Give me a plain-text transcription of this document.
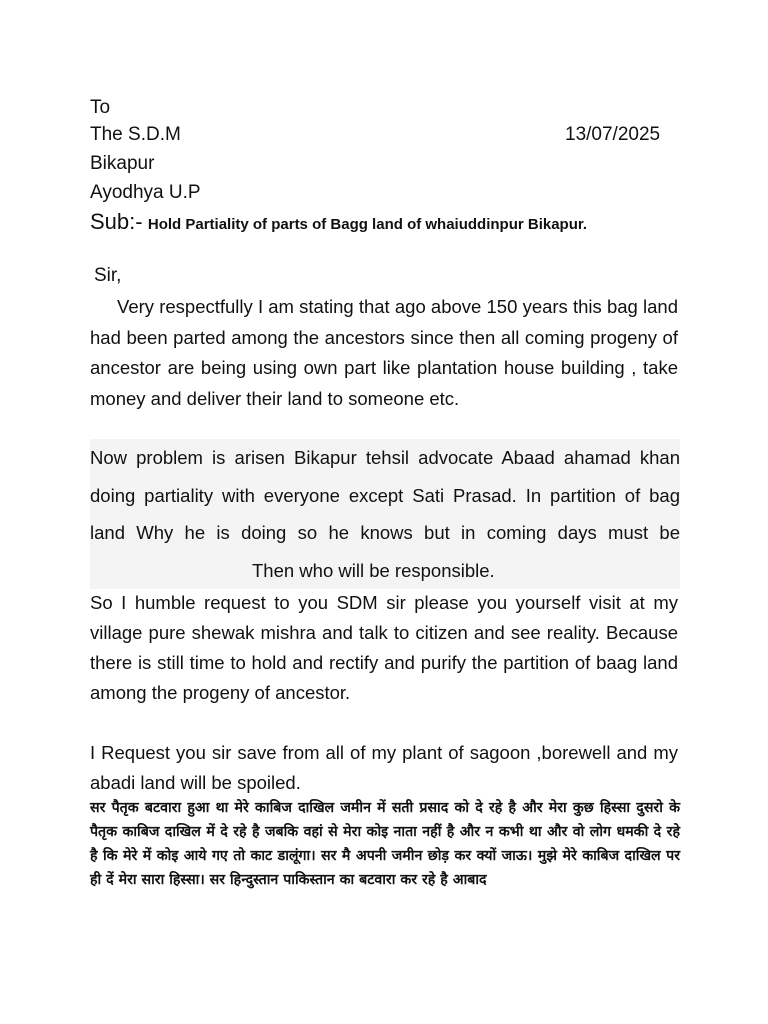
To
The S.D.M	13/07/2025
Bikapur
Ayodhya U.P
Sub:- Hold Partiality of parts of Bagg land of whaiuddinpur Bikapur.
Sir,
Very respectfully I am stating that ago above 150 years this bag land had been parted among the ancestors since then all coming progeny of ancestor are being using own part like plantation house building , take money and deliver their land to someone etc.
Now problem is arisen Bikapur tehsil advocate Abaad ahamad khan doing partiality with everyone except Sati Prasad. In partition of bag land Why he is doing so he knows but in coming days must beThen who will be responsible.
So I humble request to you SDM sir please you yourself visit at my village pure shewak mishra and talk to citizen and see reality. Because there is still time to hold and rectify and purify the partition of baag land among the progeny of ancestor.
I Request you sir save from all of my plant of sagoon ,borewell and my abadi land will be spoiled.
सर पैतृक बटवारा हुआ था मेरे काबिज दाखिल जमीन में सती प्रसाद को दे रहे है और मेरा कुछ हिस्सा दुसरो के पैतृक काबिज दाखिल में दे रहे है जबकि वहां से मेरा कोइ नाता नहीं है और न कभी था और वो लोग धमकी दे रहे है कि मेरे में कोइ आये गए तो काट डालूंगा। सर मै अपनी जमीन छोड़ कर क्यों जाऊ। मुझे मेरे काबिज दाखिल पर ही दें मेरा सारा हिस्सा। सर हिन्दुस्तान पाकिस्तान का बटवारा कर रहे है आबाद
